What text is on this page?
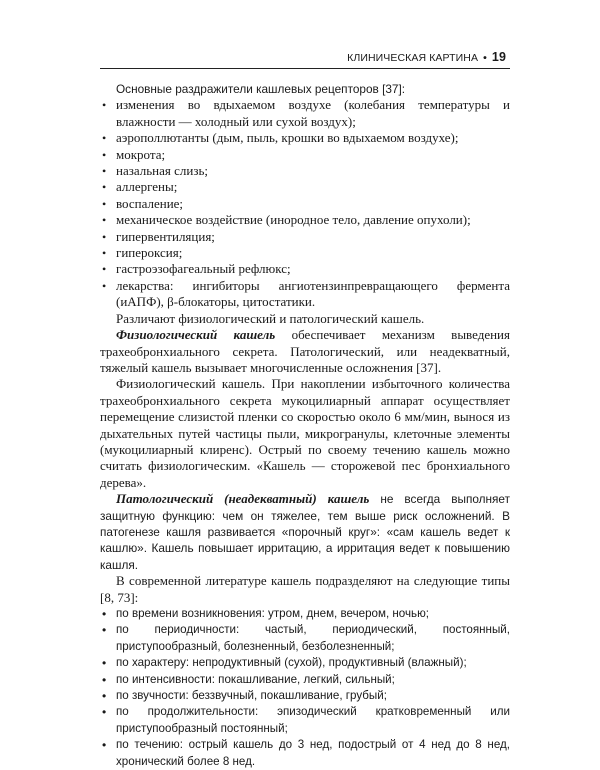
КЛИНИЧЕСКАЯ КАРТИНА • 19

Основные раздражители кашлевых рецепторов [37]:

• изменения во вдыхаемом воздухе (колебания температуры и влажности — холодный или сухой воздух);
• аэрополлютанты (дым, пыль, крошки во вдыхаемом воздухе);
• мокрота;
• назальная слизь;
• аллергены;
• воспаление;
• механическое воздействие (инородное тело, давление опухоли);
• гипервентиляция;
• гипероксия;
• гастроэзофагеальный рефлюкс;
• лекарства: ингибиторы ангиотензинпревращающего фермента (иАПФ), β-блокаторы, цитостатики.

Различают физиологический и патологический кашель.

Физиологический кашель обеспечивает механизм выведения трахеобронхиального секрета. Патологический, или неадекватный, тяжелый кашель вызывает многочисленные осложнения [37].

Физиологический кашель. При накоплении избыточного количества трахеобронхиального секрета мукоцилиарный аппарат осуществляет перемещение слизистой пленки со скоростью около 6 мм/мин, вынося из дыхательных путей частицы пыли, микрогранулы, клеточные элементы (мукоцилиарный клиренс). Острый по своему течению кашель можно считать физиологическим. «Кашель — сторожевой пес бронхиального дерева».

Патологический (неадекватный) кашель не всегда выполняет защитную функцию: чем он тяжелее, тем выше риск осложнений. В патогенезе кашля развивается «порочный круг»: «сам кашель ведет к кашлю». Кашель повышает ирритацию, а ирритация ведет к повышению кашля.

В современной литературе кашель подразделяют на следующие типы [8, 73]:

• по времени возникновения: утром, днем, вечером, ночью;
• по периодичности: частый, периодический, постоянный, приступообразный, болезненный, безболезненный;
• по характеру: непродуктивный (сухой), продуктивный (влажный);
• по интенсивности: покашливание, легкий, сильный;
• по звучности: беззвучный, покашливание, грубый;
• по продолжительности: эпизодический кратковременный или приступообразный постоянный;
• по течению: острый кашель до 3 нед, подострый от 4 нед до 8 нед, хронический более 8 нед.
